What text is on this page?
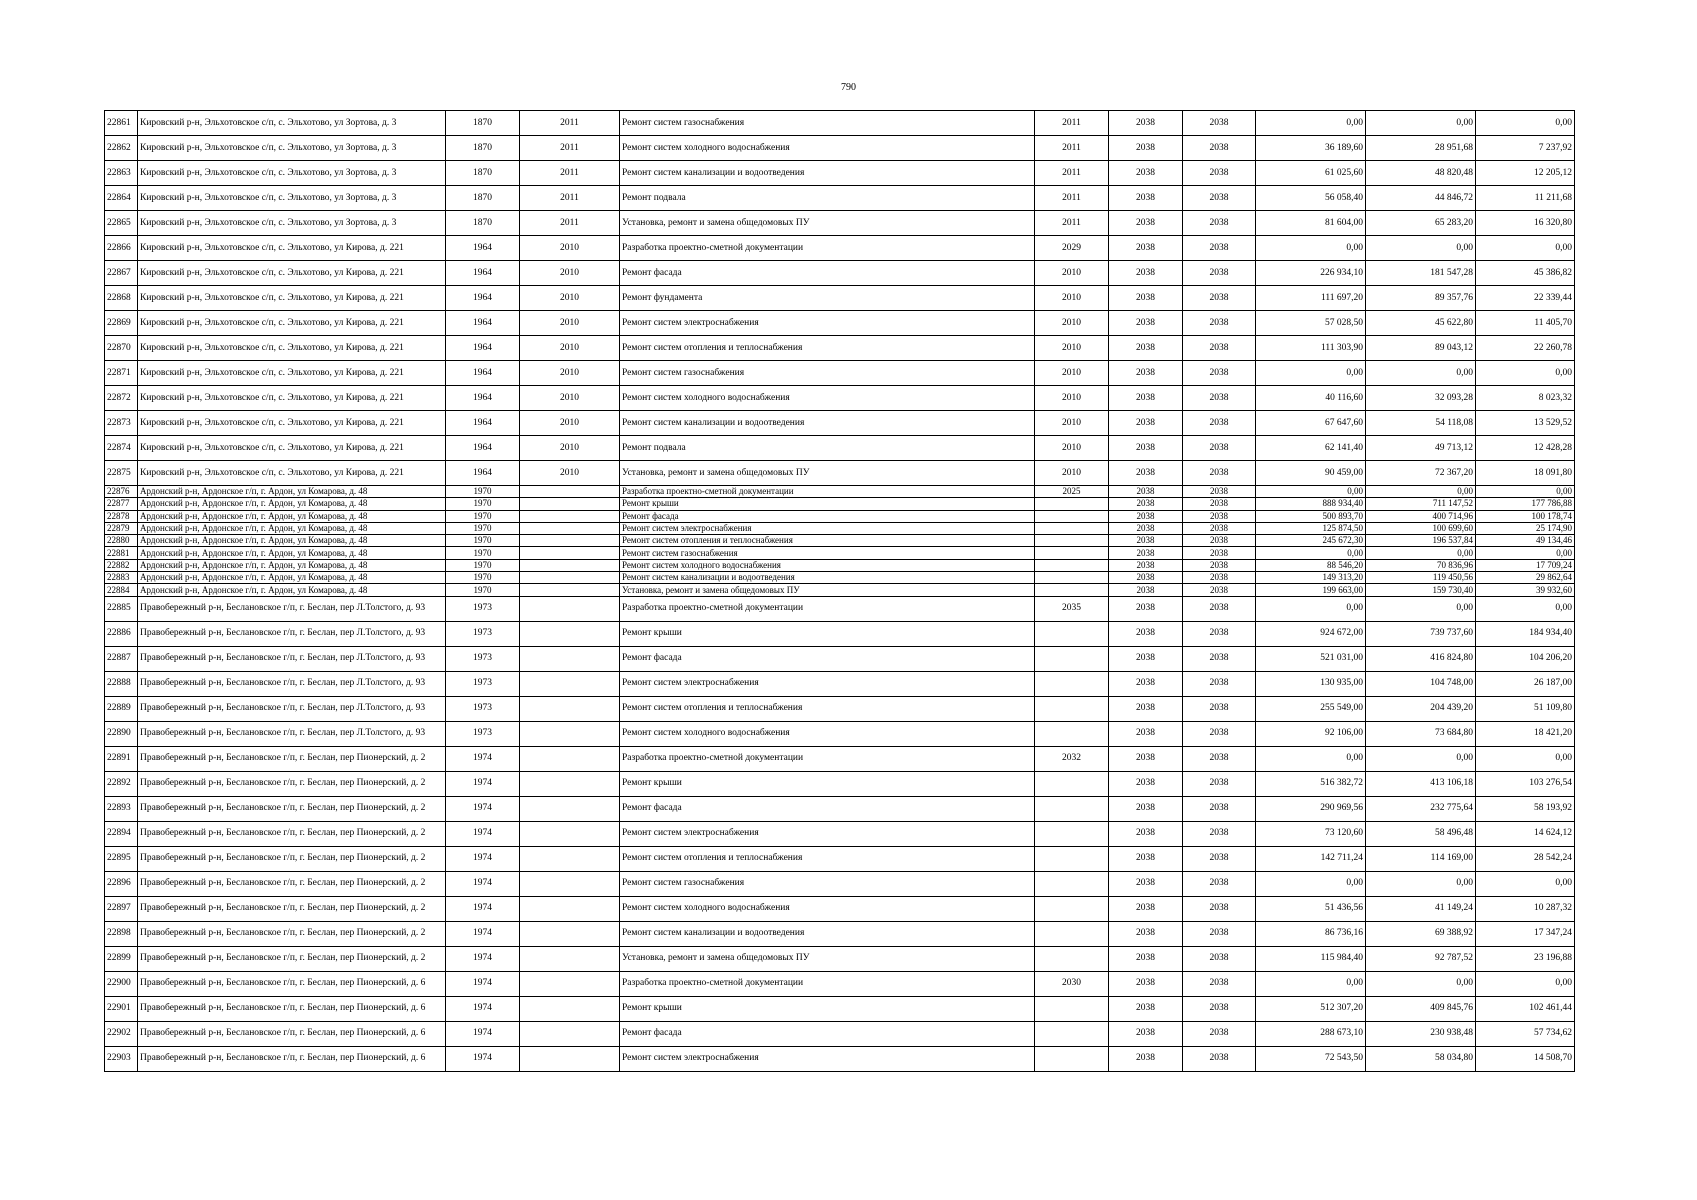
790
22861	Кировский р-н, Эльхотовское с/п, с. Эльхотово, ул Зортова, д. 3	1870	2011	Ремонт систем газоснабжения	2011	2038	2038	0,00	0,00	0,00
22862	Кировский р-н, Эльхотовское с/п, с. Эльхотово, ул Зортова, д. 3	1870	2011	Ремонт систем холодного водоснабжения	2011	2038	2038	36 189,60	28 951,68	7 237,92
22863	Кировский р-н, Эльхотовское с/п, с. Эльхотово, ул Зортова, д. 3	1870	2011	Ремонт систем канализации и водоотведения	2011	2038	2038	61 025,60	48 820,48	12 205,12
22864	Кировский р-н, Эльхотовское с/п, с. Эльхотово, ул Зортова, д. 3	1870	2011	Ремонт подвала	2011	2038	2038	56 058,40	44 846,72	11 211,68
22865	Кировский р-н, Эльхотовское с/п, с. Эльхотово, ул Зортова, д. 3	1870	2011	Установка, ремонт и замена общедомовых ПУ	2011	2038	2038	81 604,00	65 283,20	16 320,80
22866	Кировский р-н, Эльхотовское с/п, с. Эльхотово, ул Кирова, д. 221	1964	2010	Разработка проектно-сметной документации	2029	2038	2038	0,00	0,00	0,00
22867	Кировский р-н, Эльхотовское с/п, с. Эльхотово, ул Кирова, д. 221	1964	2010	Ремонт фасада	2010	2038	2038	226 934,10	181 547,28	45 386,82
22868	Кировский р-н, Эльхотовское с/п, с. Эльхотово, ул Кирова, д. 221	1964	2010	Ремонт фундамента	2010	2038	2038	111 697,20	89 357,76	22 339,44
22869	Кировский р-н, Эльхотовское с/п, с. Эльхотово, ул Кирова, д. 221	1964	2010	Ремонт систем электроснабжения	2010	2038	2038	57 028,50	45 622,80	11 405,70
22870	Кировский р-н, Эльхотовское с/п, с. Эльхотово, ул Кирова, д. 221	1964	2010	Ремонт систем отопления и теплоснабжения	2010	2038	2038	111 303,90	89 043,12	22 260,78
22871	Кировский р-н, Эльхотовское с/п, с. Эльхотово, ул Кирова, д. 221	1964	2010	Ремонт систем газоснабжения	2010	2038	2038	0,00	0,00	0,00
22872	Кировский р-н, Эльхотовское с/п, с. Эльхотово, ул Кирова, д. 221	1964	2010	Ремонт систем холодного водоснабжения	2010	2038	2038	40 116,60	32 093,28	8 023,32
22873	Кировский р-н, Эльхотовское с/п, с. Эльхотово, ул Кирова, д. 221	1964	2010	Ремонт систем канализации и водоотведения	2010	2038	2038	67 647,60	54 118,08	13 529,52
22874	Кировский р-н, Эльхотовское с/п, с. Эльхотово, ул Кирова, д. 221	1964	2010	Ремонт подвала	2010	2038	2038	62 141,40	49 713,12	12 428,28
22875	Кировский р-н, Эльхотовское с/п, с. Эльхотово, ул Кирова, д. 221	1964	2010	Установка, ремонт и замена общедомовых ПУ	2010	2038	2038	90 459,00	72 367,20	18 091,80
22876	Ардонский р-н, Ардонское г/п, г. Ардон, ул Комарова, д. 48	1970		Разработка проектно-сметной документации	2025	2038	2038	0,00	0,00	0,00
22877	Ардонский р-н, Ардонское г/п, г. Ардон, ул Комарова, д. 48	1970		Ремонт крыши		2038	2038	888 934,40	711 147,52	177 786,88
22878	Ардонский р-н, Ардонское г/п, г. Ардон, ул Комарова, д. 48	1970		Ремонт фасада		2038	2038	500 893,70	400 714,96	100 178,74
22879	Ардонский р-н, Ардонское г/п, г. Ардон, ул Комарова, д. 48	1970		Ремонт систем электроснабжения		2038	2038	125 874,50	100 699,60	25 174,90
22880	Ардонский р-н, Ардонское г/п, г. Ардон, ул Комарова, д. 48	1970		Ремонт систем отопления и теплоснабжения		2038	2038	245 672,30	196 537,84	49 134,46
22881	Ардонский р-н, Ардонское г/п, г. Ардон, ул Комарова, д. 48	1970		Ремонт систем газоснабжения		2038	2038	0,00	0,00	0,00
22882	Ардонский р-н, Ардонское г/п, г. Ардон, ул Комарова, д. 48	1970		Ремонт систем холодного водоснабжения		2038	2038	88 546,20	70 836,96	17 709,24
22883	Ардонский р-н, Ардонское г/п, г. Ардон, ул Комарова, д. 48	1970		Ремонт систем канализации и водоотведения		2038	2038	149 313,20	119 450,56	29 862,64
22884	Ардонский р-н, Ардонское г/п, г. Ардон, ул Комарова, д. 48	1970		Установка, ремонт и замена общедомовых ПУ		2038	2038	199 663,00	159 730,40	39 932,60
22885	Правобережный р-н, Беслановское г/п, г. Беслан, пер Л.Толстого, д. 93	1973		Разработка проектно-сметной документации	2035	2038	2038	0,00	0,00	0,00
22886	Правобережный р-н, Беслановское г/п, г. Беслан, пер Л.Толстого, д. 93	1973		Ремонт крыши		2038	2038	924 672,00	739 737,60	184 934,40
22887	Правобережный р-н, Беслановское г/п, г. Беслан, пер Л.Толстого, д. 93	1973		Ремонт фасада		2038	2038	521 031,00	416 824,80	104 206,20
22888	Правобережный р-н, Беслановское г/п, г. Беслан, пер Л.Толстого, д. 93	1973		Ремонт систем электроснабжения		2038	2038	130 935,00	104 748,00	26 187,00
22889	Правобережный р-н, Беслановское г/п, г. Беслан, пер Л.Толстого, д. 93	1973		Ремонт систем отопления и теплоснабжения		2038	2038	255 549,00	204 439,20	51 109,80
22890	Правобережный р-н, Беслановское г/п, г. Беслан, пер Л.Толстого, д. 93	1973		Ремонт систем холодного водоснабжения		2038	2038	92 106,00	73 684,80	18 421,20
22891	Правобережный р-н, Беслановское г/п, г. Беслан, пер Пионерский, д. 2	1974		Разработка проектно-сметной документации	2032	2038	2038	0,00	0,00	0,00
22892	Правобережный р-н, Беслановское г/п, г. Беслан, пер Пионерский, д. 2	1974		Ремонт крыши		2038	2038	516 382,72	413 106,18	103 276,54
22893	Правобережный р-н, Беслановское г/п, г. Беслан, пер Пионерский, д. 2	1974		Ремонт фасада		2038	2038	290 969,56	232 775,64	58 193,92
22894	Правобережный р-н, Беслановское г/п, г. Беслан, пер Пионерский, д. 2	1974		Ремонт систем электроснабжения		2038	2038	73 120,60	58 496,48	14 624,12
22895	Правобережный р-н, Беслановское г/п, г. Беслан, пер Пионерский, д. 2	1974		Ремонт систем отопления и теплоснабжения		2038	2038	142 711,24	114 169,00	28 542,24
22896	Правобережный р-н, Беслановское г/п, г. Беслан, пер Пионерский, д. 2	1974		Ремонт систем газоснабжения		2038	2038	0,00	0,00	0,00
22897	Правобережный р-н, Беслановское г/п, г. Беслан, пер Пионерский, д. 2	1974		Ремонт систем холодного водоснабжения		2038	2038	51 436,56	41 149,24	10 287,32
22898	Правобережный р-н, Беслановское г/п, г. Беслан, пер Пионерский, д. 2	1974		Ремонт систем канализации и водоотведения		2038	2038	86 736,16	69 388,92	17 347,24
22899	Правобережный р-н, Беслановское г/п, г. Беслан, пер Пионерский, д. 2	1974		Установка, ремонт и замена общедомовых ПУ		2038	2038	115 984,40	92 787,52	23 196,88
22900	Правобережный р-н, Беслановское г/п, г. Беслан, пер Пионерский, д. 6	1974		Разработка проектно-сметной документации	2030	2038	2038	0,00	0,00	0,00
22901	Правобережный р-н, Беслановское г/п, г. Беслан, пер Пионерский, д. 6	1974		Ремонт крыши		2038	2038	512 307,20	409 845,76	102 461,44
22902	Правобережный р-н, Беслановское г/п, г. Беслан, пер Пионерский, д. 6	1974		Ремонт фасада		2038	2038	288 673,10	230 938,48	57 734,62
22903	Правобережный р-н, Беслановское г/п, г. Беслан, пер Пионерский, д. 6	1974		Ремонт систем электроснабжения		2038	2038	72 543,50	58 034,80	14 508,70
